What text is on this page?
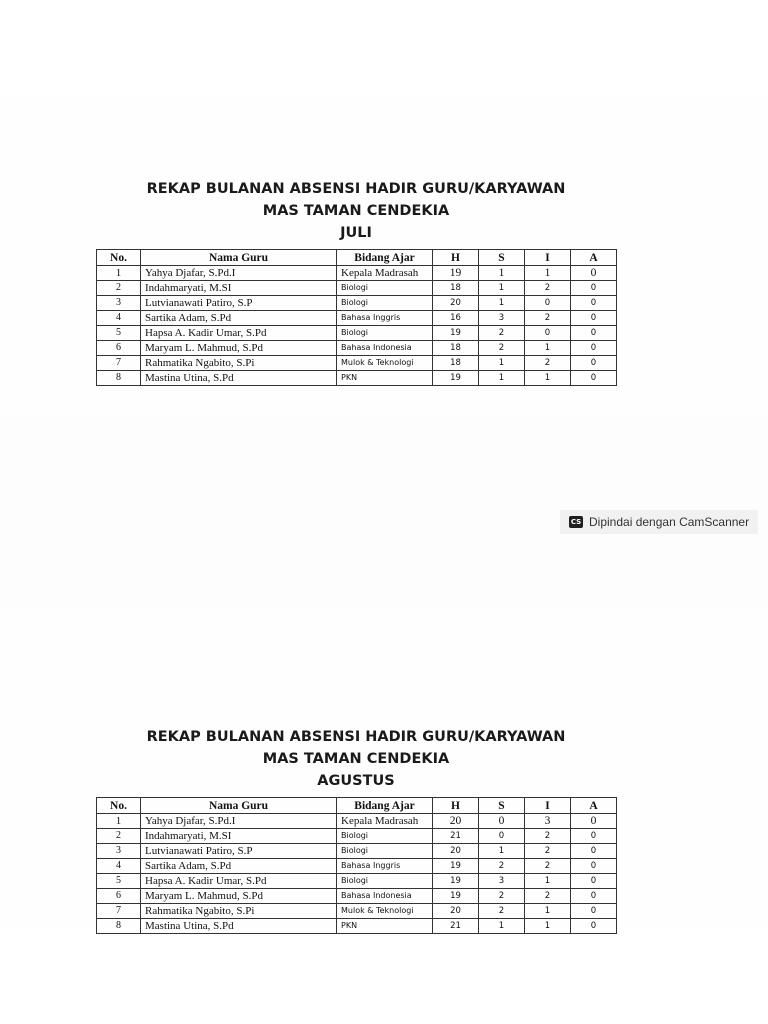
REKAP BULANAN ABSENSI HADIR GURU/KARYAWAN

MAS TAMAN CENDEKIA

JULI

No.	Nama Guru	Bidang Ajar	H	S	I	A
1	Yahya Djafar, S.Pd.I	Kepala Madrasah	19	1	1	0
2	Indahmaryati, M.SI	Biologi	18	1	2	0
3	Lutvianawati Patiro, S.P	Biologi	20	1	0	0
4	Sartika Adam, S.Pd	Bahasa Inggris	16	3	2	0
5	Hapsa A. Kadir Umar, S.Pd	Biologi	19	2	0	0
6	Maryam L. Mahmud, S.Pd	Bahasa Indonesia	18	2	1	0
7	Rahmatika Ngabito, S.Pi	Mulok & Teknologi	18	1	2	0
8	Mastina Utina, S.Pd	PKN	19	1	1	0
CS Dipindai dengan CamScanner

REKAP BULANAN ABSENSI HADIR GURU/KARYAWAN

MAS TAMAN CENDEKIA

AGUSTUS

No.	Nama Guru	Bidang Ajar	H	S	I	A
1	Yahya Djafar, S.Pd.I	Kepala Madrasah	20	0	3	0
2	Indahmaryati, M.SI	Biologi	21	0	2	0
3	Lutvianawati Patiro, S.P	Biologi	20	1	2	0
4	Sartika Adam, S.Pd	Bahasa Inggris	19	2	2	0
5	Hapsa A. Kadir Umar, S.Pd	Biologi	19	3	1	0
6	Maryam L. Mahmud, S.Pd	Bahasa Indonesia	19	2	2	0
7	Rahmatika Ngabito, S.Pi	Mulok & Teknologi	20	2	1	0
8	Mastina Utina, S.Pd	PKN	21	1	1	0
